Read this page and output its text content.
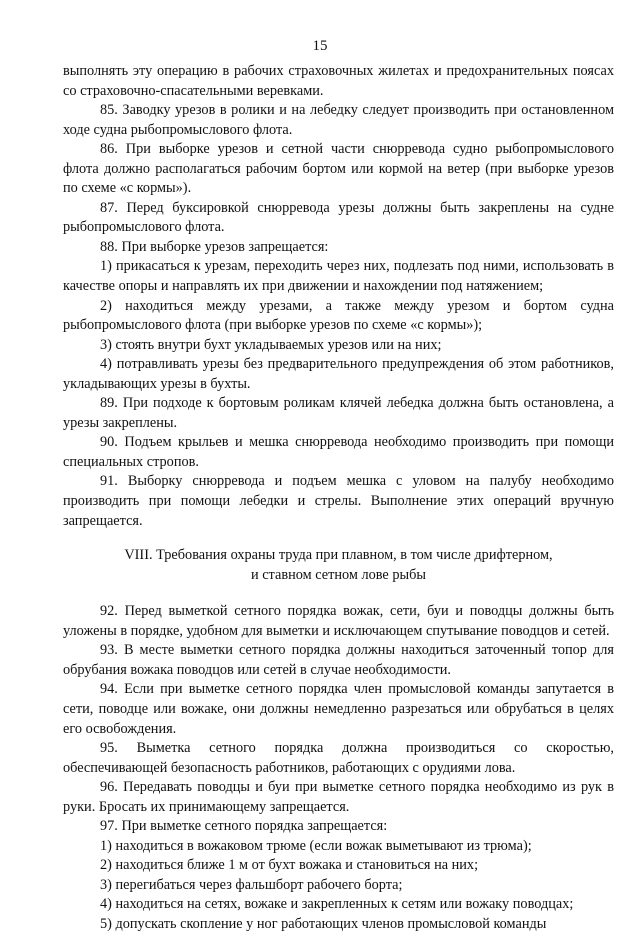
15

выполнять эту операцию в рабочих страховочных жилетах и предохранительных поясах со страховочно-спасательными веревками.

85. Заводку урезов в ролики и на лебедку следует производить при остановленном ходе судна рыбопромыслового флота.

86. При выборке урезов и сетной части снюрревода судно рыбопромыслового флота должно располагаться рабочим бортом или кормой на ветер (при выборке урезов по схеме «с кормы»).

87. Перед буксировкой снюрревода урезы должны быть закреплены на судне рыбопромыслового флота.

88. При выборке урезов запрещается:

1) прикасаться к урезам, переходить через них, подлезать под ними, использовать в качестве опоры и направлять их при движении и нахождении под натяжением;

2) находиться между урезами, а также между урезом и бортом судна рыбопромыслового флота (при выборке урезов по схеме «с кормы»);

3) стоять внутри бухт укладываемых урезов или на них;

4) потравливать урезы без предварительного предупреждения об этом работников, укладывающих урезы в бухты.

89. При подходе к бортовым роликам клячей лебедка должна быть остановлена, а урезы закреплены.

90. Подъем крыльев и мешка снюрревода необходимо производить при помощи специальных стропов.

91. Выборку снюрревода и подъем мешка с уловом на палубу необходимо производить при помощи лебедки и стрелы. Выполнение этих операций вручную запрещается.

VIII. Требования охраны труда при плавном, в том числе дрифтерном,
и ставном сетном лове рыбы

92. Перед выметкой сетного порядка вожак, сети, буи и поводцы должны быть уложены в порядке, удобном для выметки и исключающем спутывание поводцов и сетей.

93. В месте выметки сетного порядка должны находиться заточенный топор для обрубания вожака поводцов или сетей в случае необходимости.

94. Если при выметке сетного порядка член промысловой команды запутается в сети, поводце или вожаке, они должны немедленно разрезаться или обрубаться в целях его освобождения.

95. Выметка сетного порядка должна производиться со скоростью, обеспечивающей безопасность работников, работающих с орудиями лова.

96. Передавать поводцы и буи при выметке сетного порядка необходимо из рук в руки. Бросать их принимающему запрещается.

97. При выметке сетного порядка запрещается:

1) находиться в вожаковом трюме (если вожак выметывают из трюма);

2) находиться ближе 1 м от бухт вожака и становиться на них;

3) перегибаться через фальшборт рабочего борта;

4) находиться на сетях, вожаке и закрепленных к сетям или вожаку поводцах;

5) допускать скопление у ног работающих членов промысловой команды
